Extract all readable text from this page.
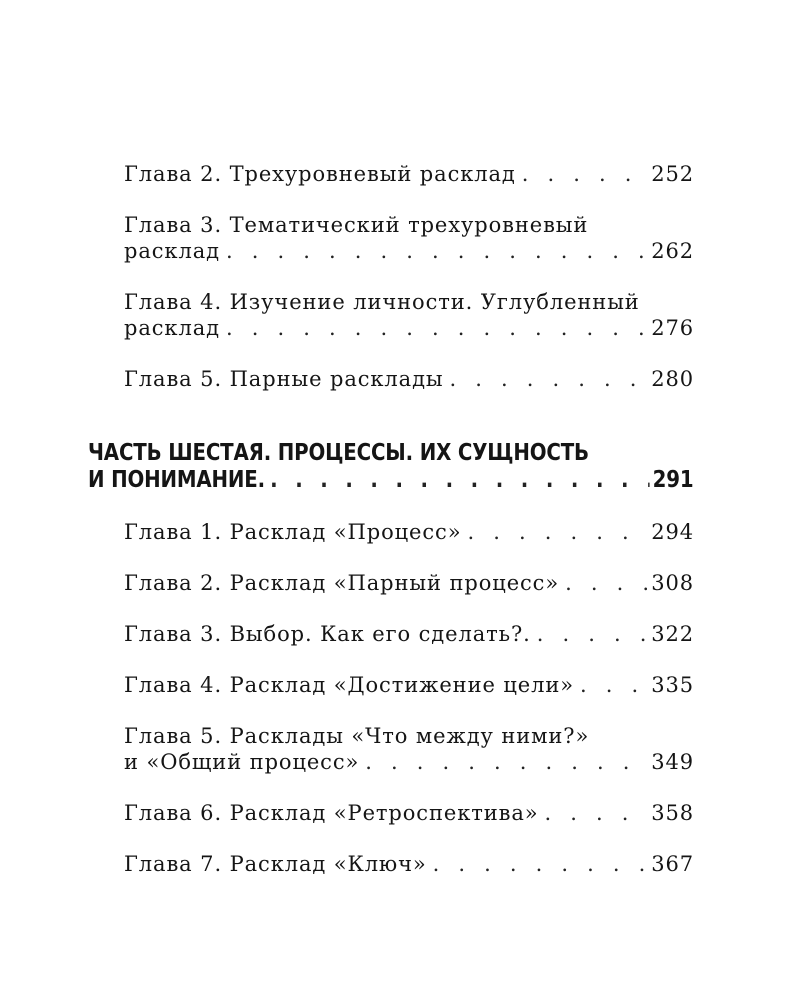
Глава 2. Трехуровневый расклад . . .	252
Глава 3. Тематический трехуровневый
расклад . . .	262
Глава 4. Изучение личности. Углубленный
расклад . . .	276
Глава 5. Парные расклады . . .	280
ЧАСТЬ ШЕСТАЯ. ПРОЦЕССЫ. ИХ СУЩНОСТЬ
И ПОНИМАНИЕ. . . .	291
Глава 1. Расклад «Процесс» . . .	294
Глава 2. Расклад «Парный процесс» . . .	308
Глава 3. Выбор. Как его сделать?. . . .	322
Глава 4. Расклад «Достижение цели» . . .	335
Глава 5. Расклады «Что между ними?»
и «Общий процесс» . . .	349
Глава 6. Расклад «Ретроспектива» . . .	358
Глава 7. Расклад «Ключ» . . .	367
